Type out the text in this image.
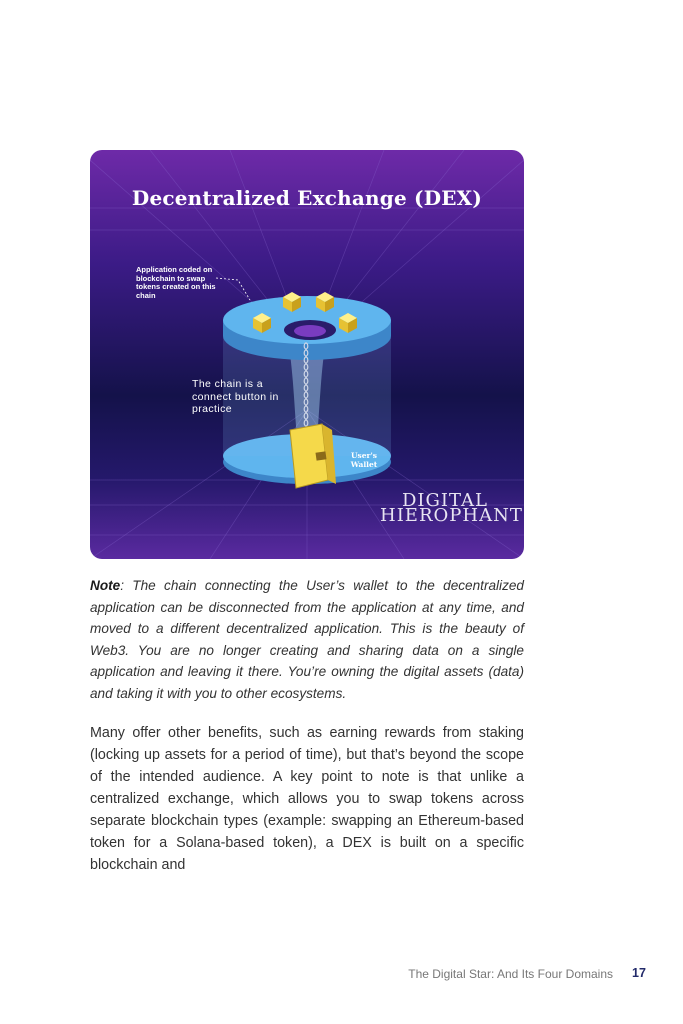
Decentralized Exchange (DEX)
Application coded on blockchain to swap tokens created on this chain
The chain is a connect button in practice
User's Wallet
DIGITAL
HIEROPHANT
Note: The chain connecting the User’s wallet to the decentralized application can be disconnected from the application at any time, and moved to a different decentralized application. This is the beauty of Web3. You are no longer creating and sharing data on a single application and leaving it there. You’re owning the digital assets (data) and taking it with you to other ecosystems.
Many offer other benefits, such as earning rewards from staking (locking up assets for a period of time), but that’s beyond the scope of the intended audience. A key point to note is that unlike a centralized exchange, which allows you to swap tokens across separate blockchain types (example: swapping an Ethereum-based token for a Solana-based token), a DEX is built on a specific blockchain and
The Digital Star: And Its Four Domains 17
